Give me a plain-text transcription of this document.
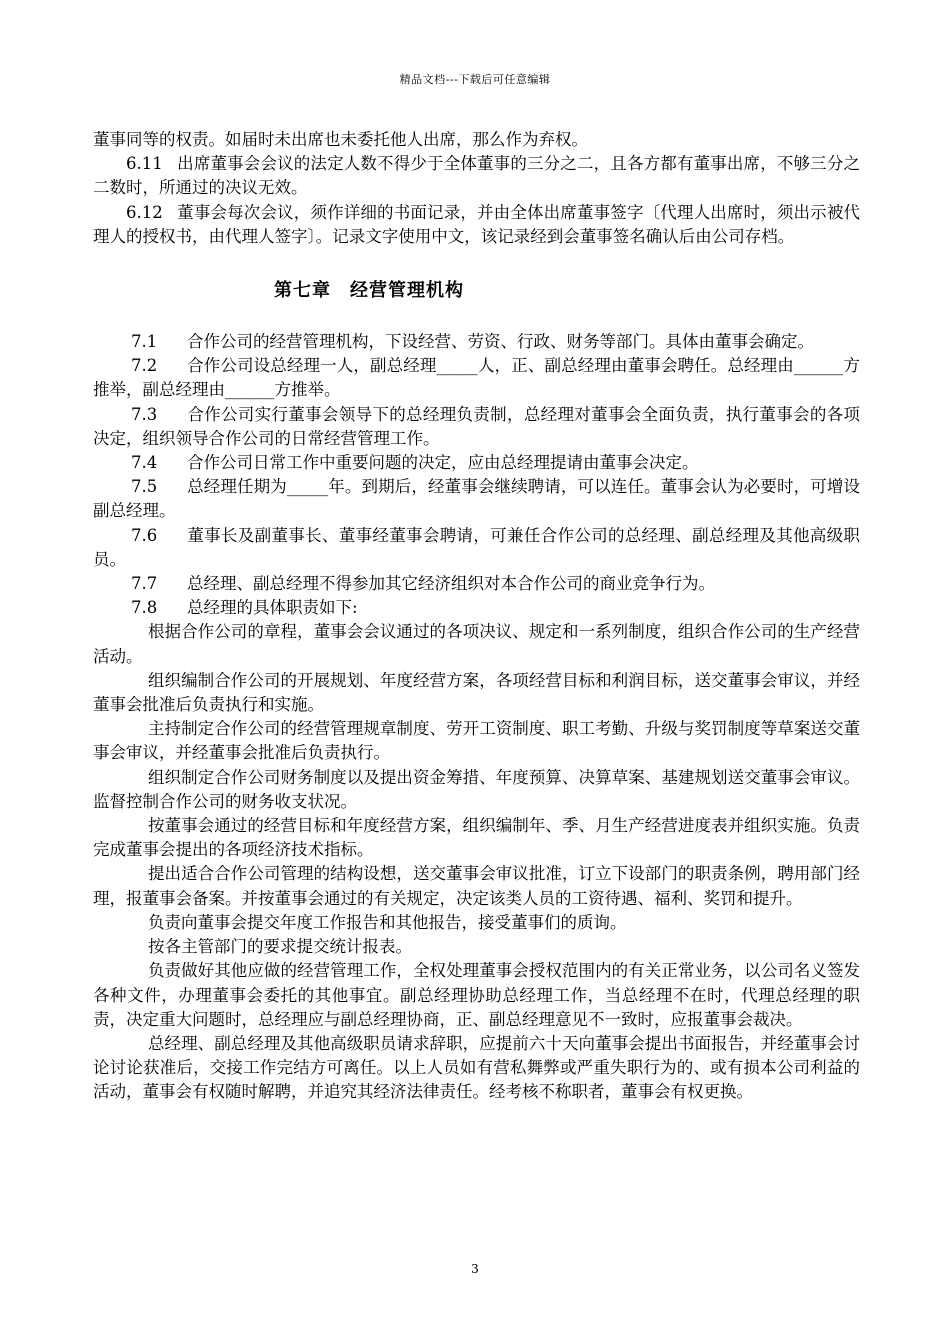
精品文档---下载后可任意编辑

董事同等的权责。如届时未出席也未委托他人出席，那么作为弃权。

6.11 出席董事会会议的法定人数不得少于全体董事的三分之二，且各方都有董事出席，不够三分之二数时，所通过的决议无效。

6.12 董事会每次会议，须作详细的书面记录，并由全体出席董事签字〔代理人出席时，须出示被代理人的授权书，由代理人签字〕。记录文字使用中文，该记录经到会董事签名确认后由公司存档。

第七章　经营管理机构

7.1 合作公司的经营管理机构，下设经营、劳资、行政、财务等部门。具体由董事会确定。

7.2 合作公司设总经理一人，副总经理_____人，正、副总经理由董事会聘任。总经理由______方推举，副总经理由______方推举。

7.3 合作公司实行董事会领导下的总经理负责制，总经理对董事会全面负责，执行董事会的各项决定，组织领导合作公司的日常经营管理工作。

7.4 合作公司日常工作中重要问题的决定，应由总经理提请由董事会决定。

7.5 总经理任期为_____年。到期后，经董事会继续聘请，可以连任。董事会认为必要时，可增设副总经理。

7.6 董事长及副董事长、董事经董事会聘请，可兼任合作公司的总经理、副总经理及其他高级职员。

7.7 总经理、副总经理不得参加其它经济组织对本合作公司的商业竞争行为。

7.8 总经理的具体职责如下:

根据合作公司的章程，董事会会议通过的各项决议、规定和一系列制度，组织合作公司的生产经营活动。

组织编制合作公司的开展规划、年度经营方案，各项经营目标和利润目标，送交董事会审议，并经董事会批准后负责执行和实施。

主持制定合作公司的经营管理规章制度、劳开工资制度、职工考勤、升级与奖罚制度等草案送交董事会审议，并经董事会批准后负责执行。

组织制定合作公司财务制度以及提出资金筹措、年度预算、决算草案、基建规划送交董事会审议。监督控制合作公司的财务收支状况。

按董事会通过的经营目标和年度经营方案，组织编制年、季、月生产经营进度表并组织实施。负责完成董事会提出的各项经济技术指标。

提出适合合作公司管理的结构设想，送交董事会审议批准，订立下设部门的职责条例，聘用部门经理，报董事会备案。并按董事会通过的有关规定，决定该类人员的工资待遇、福利、奖罚和提升。

负责向董事会提交年度工作报告和其他报告，接受董事们的质询。

按各主管部门的要求提交统计报表。

负责做好其他应做的经营管理工作，全权处理董事会授权范围内的有关正常业务，以公司名义签发各种文件，办理董事会委托的其他事宜。副总经理协助总经理工作，当总经理不在时，代理总经理的职责，决定重大问题时，总经理应与副总经理协商，正、副总经理意见不一致时，应报董事会裁决。

总经理、副总经理及其他高级职员请求辞职，应提前六十天向董事会提出书面报告，并经董事会讨论讨论获准后，交接工作完结方可离任。以上人员如有营私舞弊或严重失职行为的、或有损本公司利益的活动，董事会有权随时解聘，并追究其经济法律责任。经考核不称职者，董事会有权更换。

3
